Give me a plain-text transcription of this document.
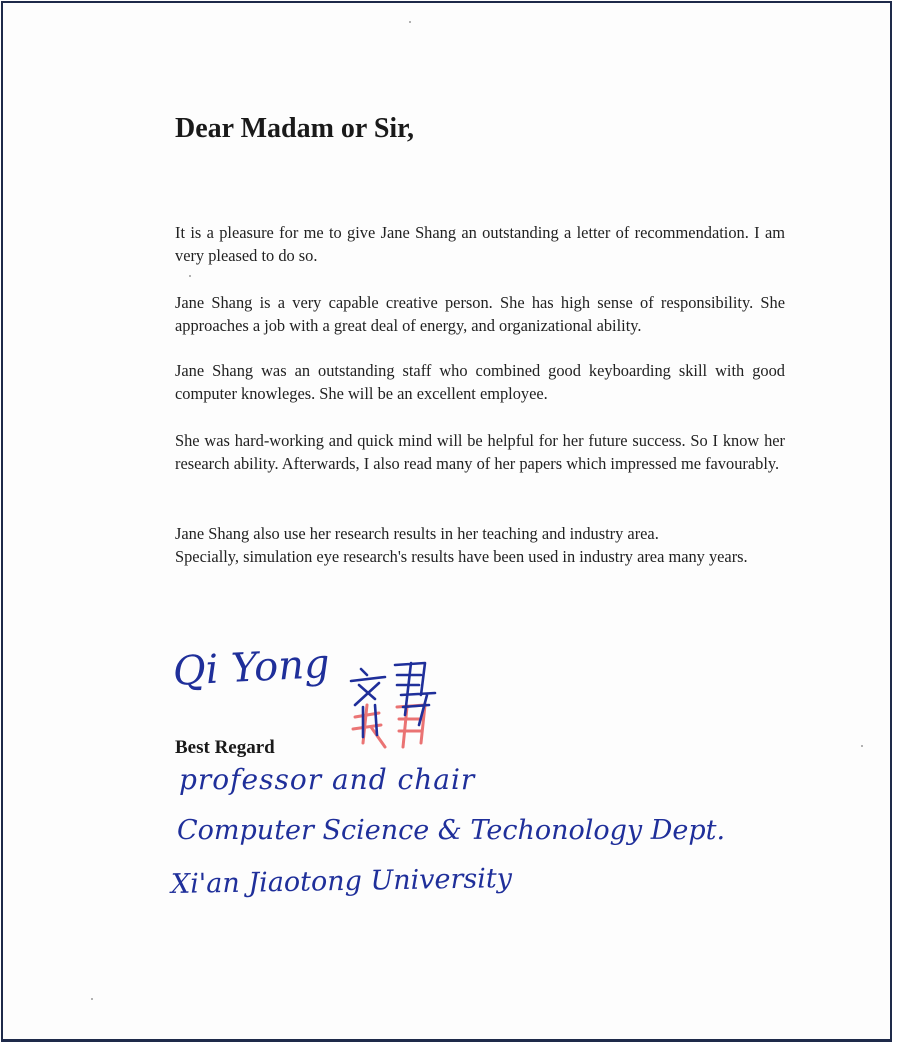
Dear Madam or Sir,

It is a pleasure for me to give Jane Shang an outstanding a letter of recommendation. I am very pleased to do so.

Jane Shang is a very capable creative person. She has high sense of responsibility. She approaches a job with a great deal of energy, and organizational ability.

Jane Shang was an outstanding staff who combined good keyboarding skill with good computer knowleges. She will be an excellent employee.

She was hard-working and quick mind will be helpful for her future success. So I know her research ability. Afterwards, I also read many of her papers which impressed me favourably.

Jane Shang also use her research results in her teaching and industry area.
Specially, simulation eye research's results have been used in industry area many years.

Qi Yong
Best Regard
professor and chair
Computer Science & Techonology Dept.
Xi'an Jiaotong University
